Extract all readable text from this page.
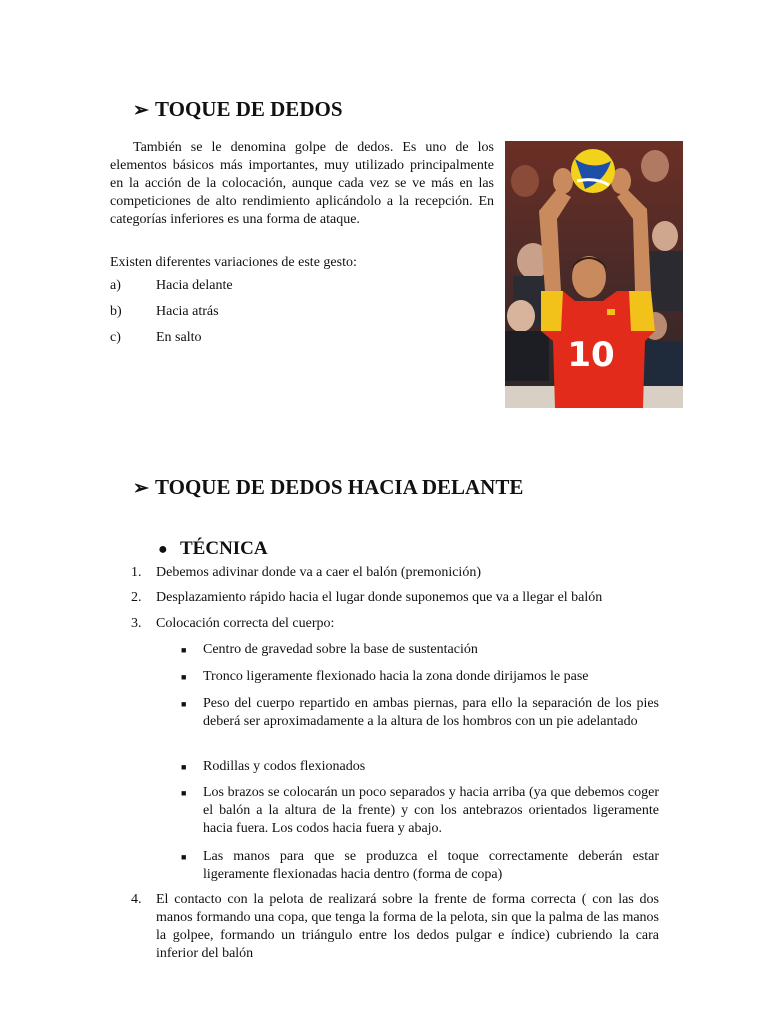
➢ TOQUE DE DEDOS
También se le denomina golpe de dedos. Es uno de los elementos básicos más importantes, muy utilizado principalmente en la acción de la colocación, aunque cada vez se ve más en las competiciones de alto rendimiento aplicándolo a la recepción. En categorías inferiores es una forma de ataque.
Existen diferentes variaciones de este gesto:
a)	Hacia delante
b) Hacia atrás
c)	En salto	10
➢ TOQUE DE DEDOS HACIA DELANTE
● TÉCNICA
1. Debemos adivinar donde va a caer el balón (premonición)
2. Desplazamiento rápido hacia el lugar donde suponemos que va a llegar el balón
3. Colocación correcta del cuerpo:
■ Centro de gravedad sobre la base de sustentación
■ Tronco ligeramente flexionado hacia la zona donde dirijamos le pase
■ Peso del cuerpo repartido en ambas piernas, para ello la separación de los pies deberá ser aproximadamente a la altura de los hombros con un pie adelantado
■ Rodillas y codos flexionados
■ Los brazos se colocarán un poco separados y hacia arriba (ya que debemos coger el balón a la altura de la frente) y con los antebrazos orientados ligeramente hacia fuera. Los codos hacia fuera y abajo.
■ Las manos para que se produzca el toque correctamente deberán estar ligeramente flexionadas hacia dentro (forma de copa)
4. El contacto con la pelota de realizará sobre la frente de forma correcta ( con las dos manos formando una copa, que tenga la forma de la pelota, sin que la palma de las manos la golpee, formando un triángulo entre los dedos pulgar e índice) cubriendo la cara inferior del balón
